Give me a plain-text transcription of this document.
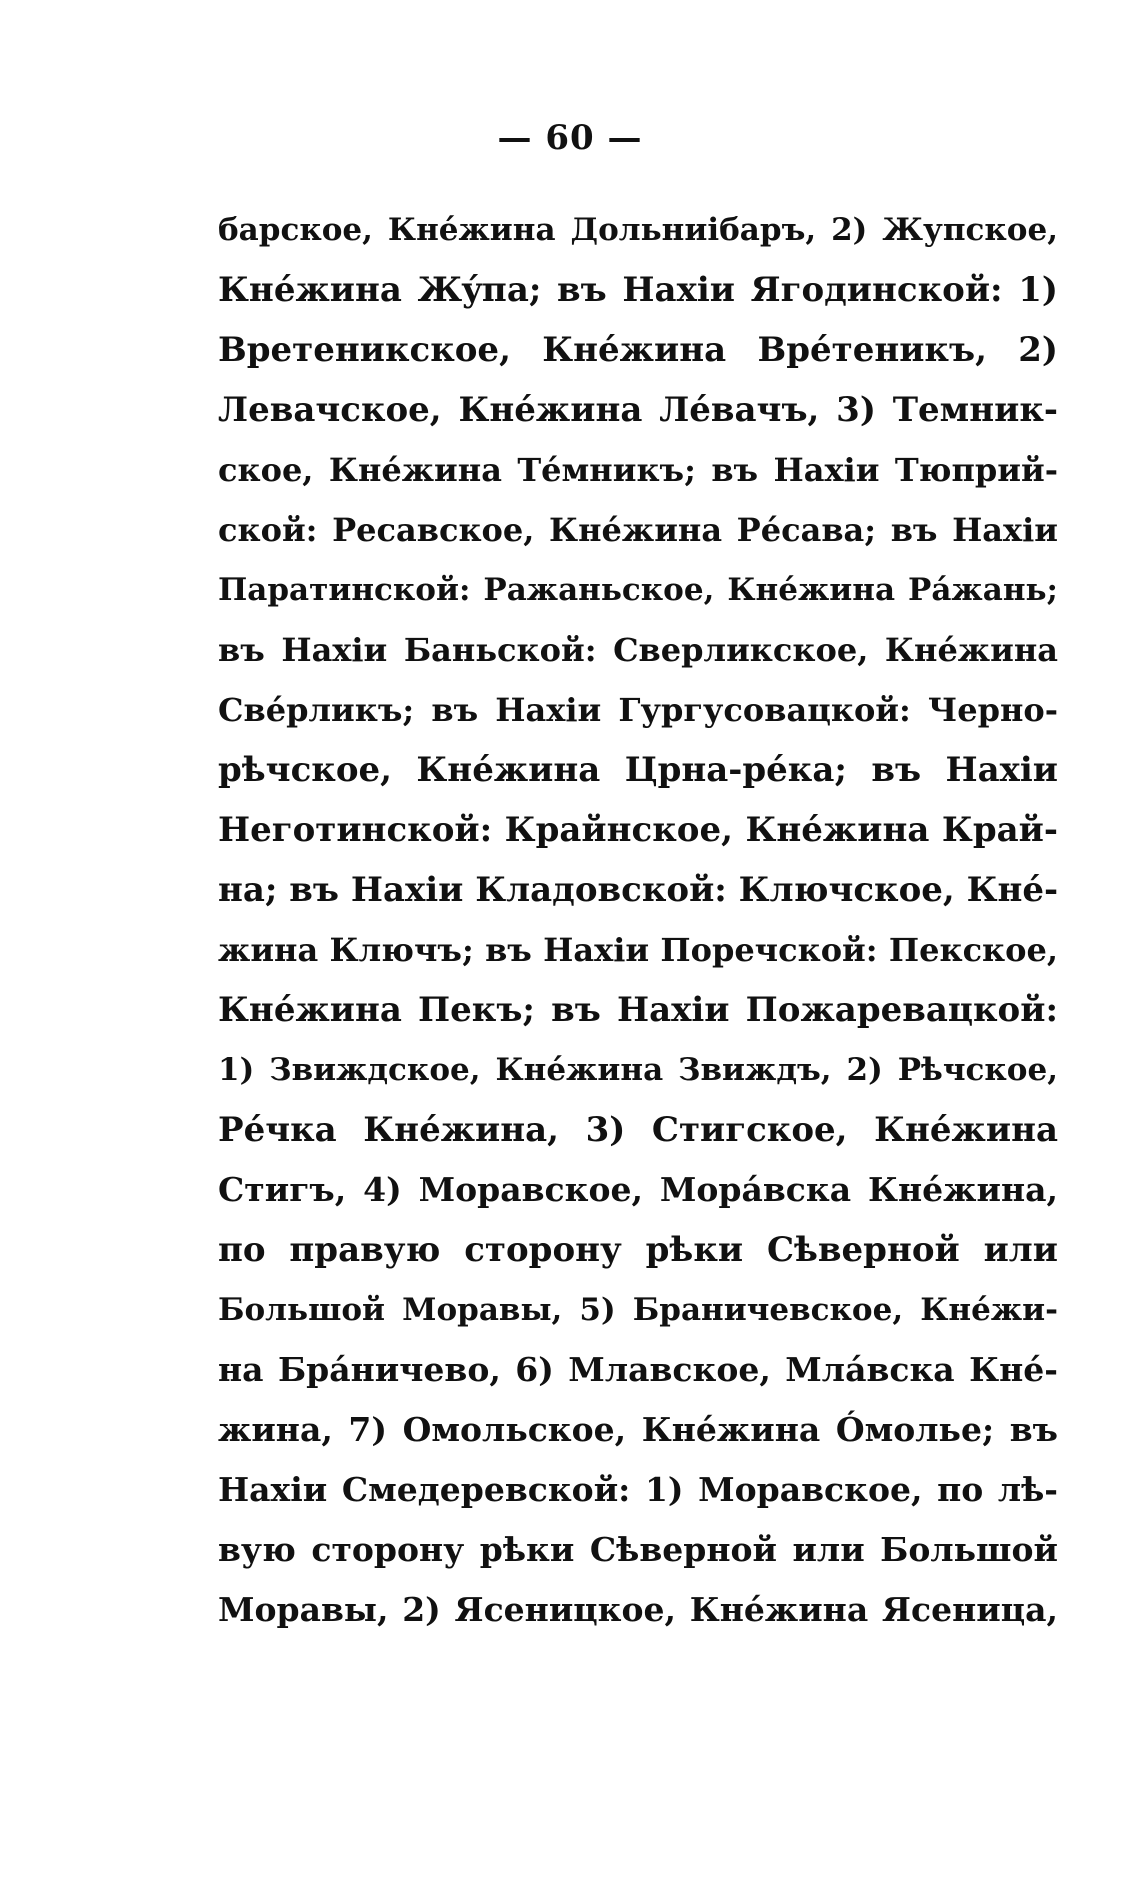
— 60 —
барское, Кнéжина Дольниiбаръ, 2) Жупское,
Кнéжина Жýпа; въ Нахiи Ягодинской: 1)
Вретеникское, Кнéжина Врéтеникъ, 2)
Левачское, Кнéжина Лéвачъ, 3) Темник-
ское, Кнéжина Тéмникъ; въ Нахiи Тюприй-
ской: Ресавское, Кнéжина Рéсава; въ Нахiи
Паратинской: Ражаньское, Кнéжина Рáжань;
въ Нахiи Баньской: Сверликское, Кнéжина
Свéрликъ; въ Нахiи Гургусовацкой: Черно-
рѣчское, Кнéжина Црна-рéка; въ Нахiи
Неготинской: Крайнское, Кнéжина Край-
на; въ Нахiи Кладовской: Ключское, Кнé-
жина Ключъ; въ Нахiи Поречской: Пекское,
Кнéжина Пекъ; въ Нахiи Пожаревацкой:
1) Звиждское, Кнéжина Звиждъ, 2) Рѣчское,
Рéчка Кнéжина, 3) Стигское, Кнéжина
Стигъ, 4) Моравское, Морáвска Кнéжина,
по правую сторону рѣки Сѣверной или
Большой Моравы, 5) Браничевское, Кнéжи-
на Брáничево, 6) Млавское, Млáвска Кнé-
жина, 7) Омольское, Кнéжина Óмолье; въ
Нахiи Смедеревской: 1) Моравское, по лѣ-
вую сторону рѣки Сѣверной или Большой
Моравы, 2) Ясеницкое, Кнéжина Ясеница,
